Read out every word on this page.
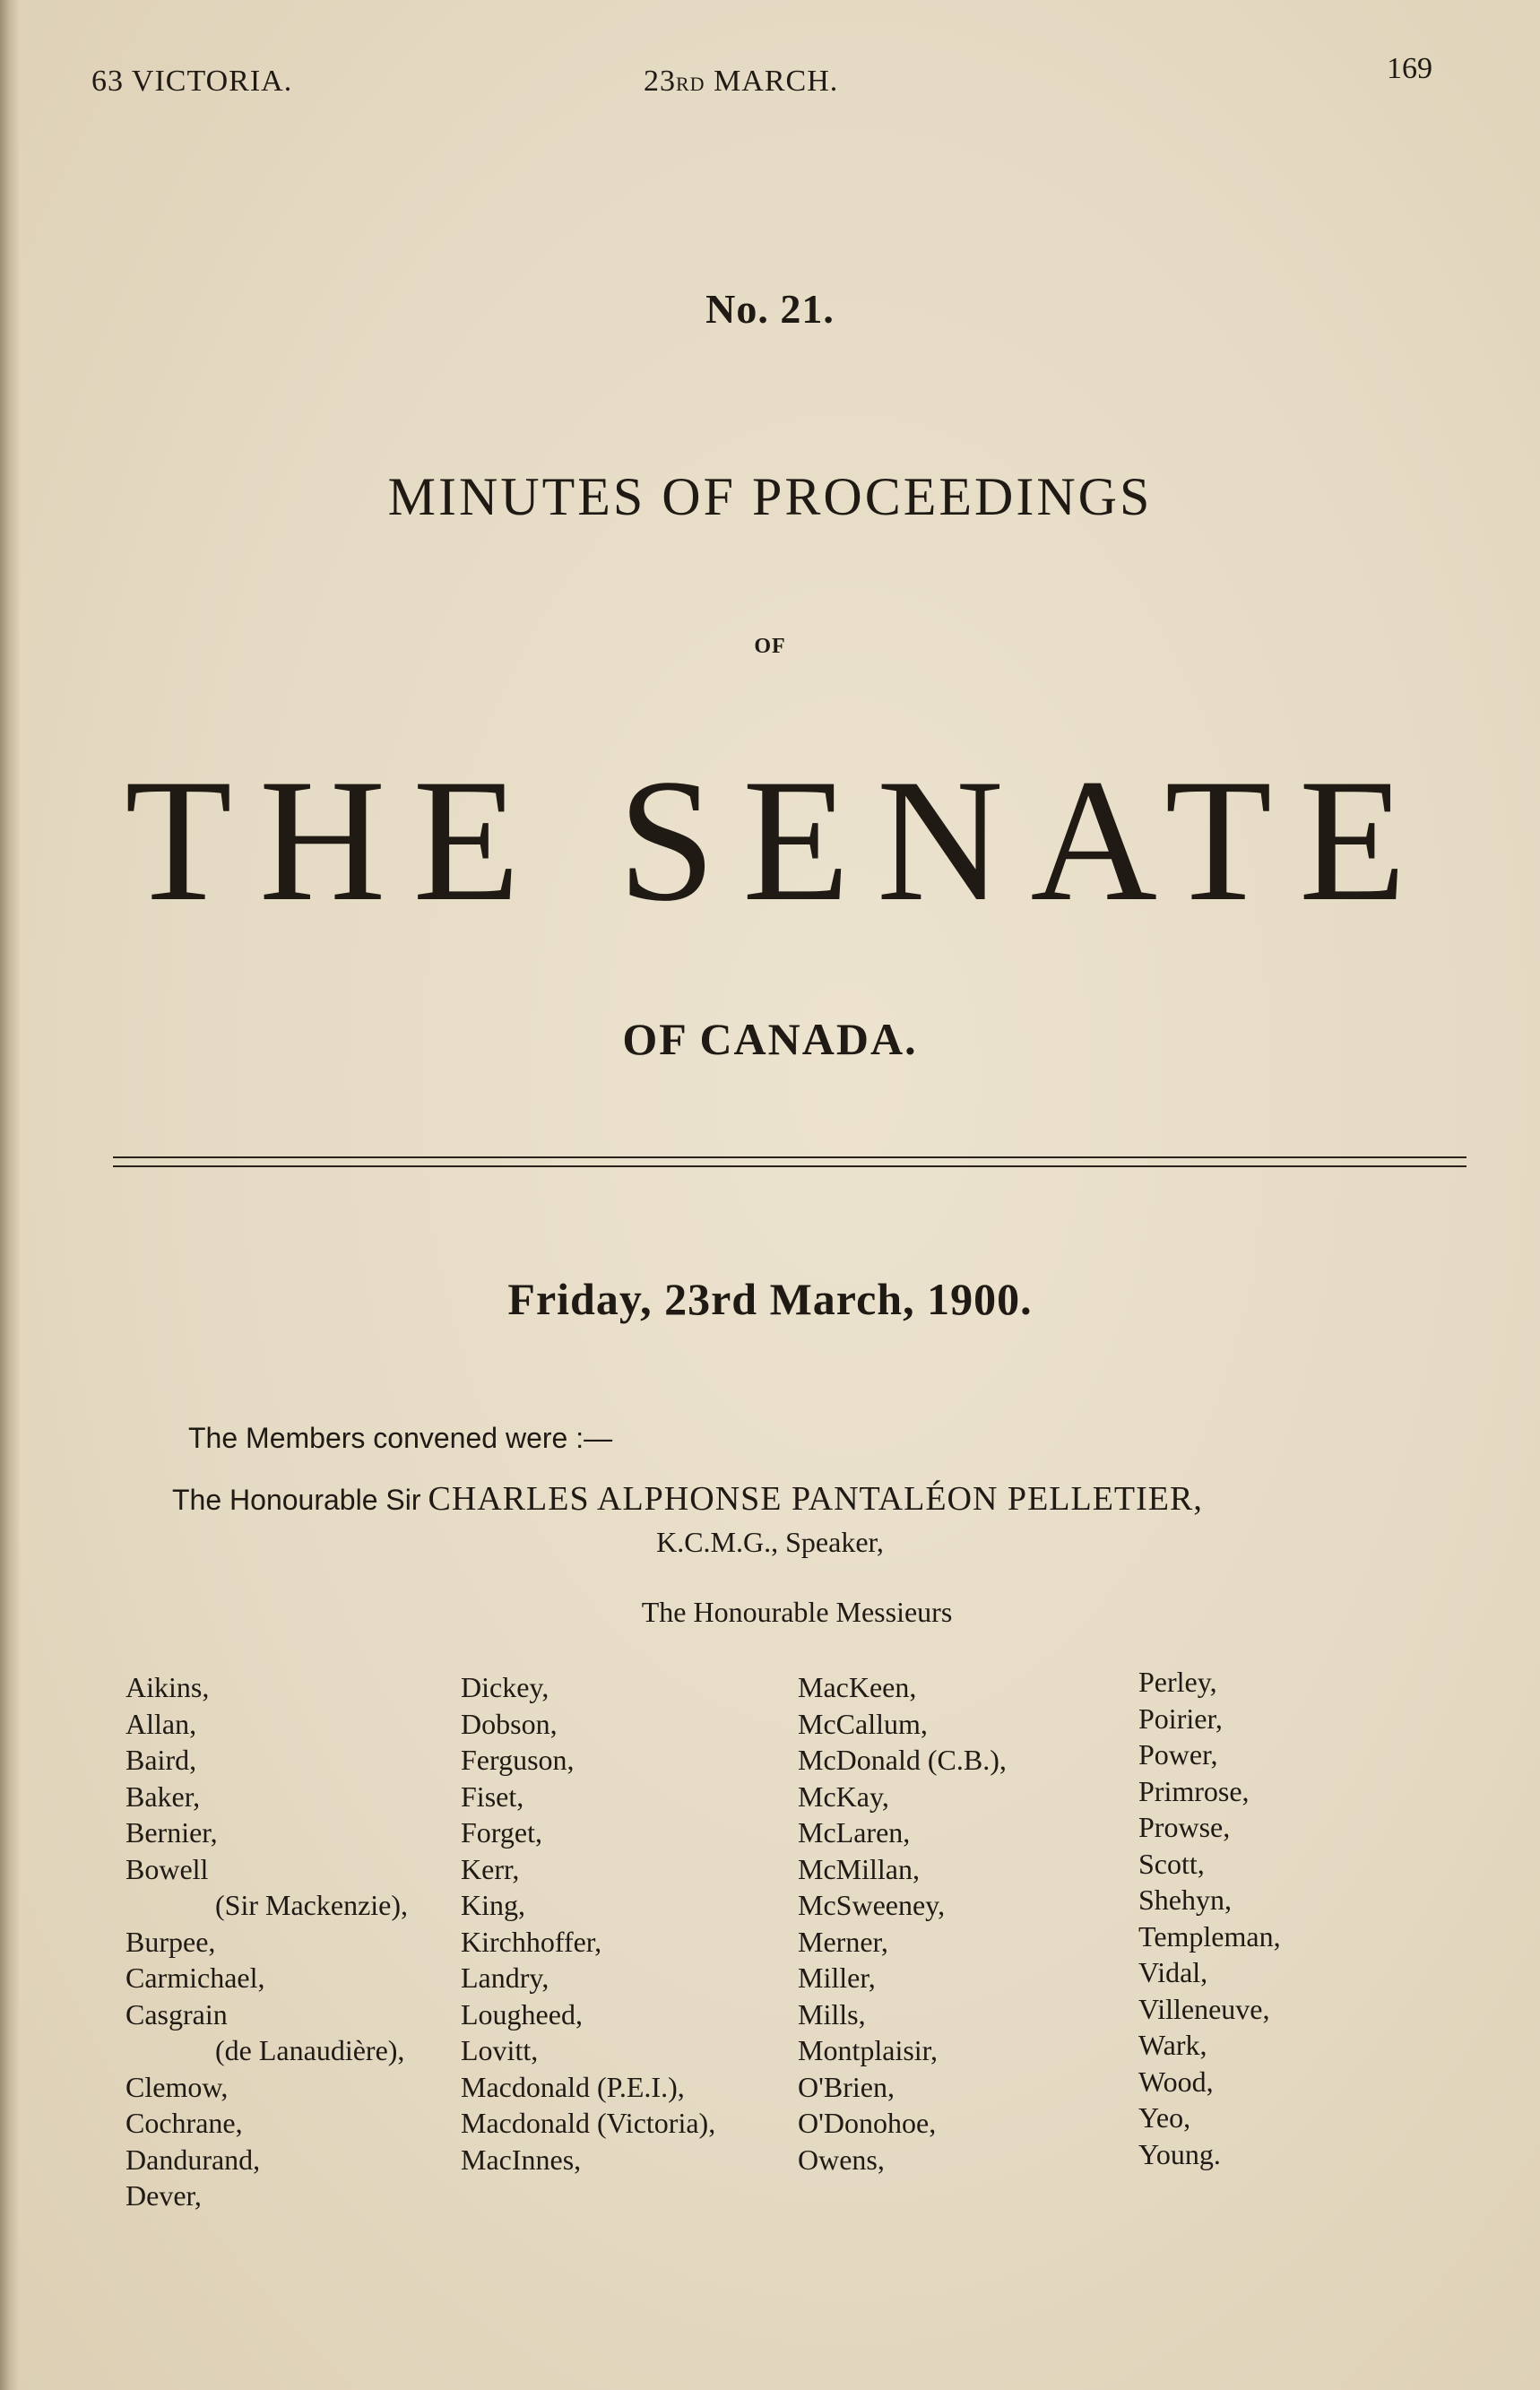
63 VICTORIA.	23RD MARCH.	169
No. 21.
MINUTES OF PROCEEDINGS
OF
THE SENATE
OF CANADA.
Friday, 23rd March, 1900.
The Members convened were :—
The Honourable Sir CHARLES ALPHONSE PANTALÉON PELLETIER,
K.C.M.G., Speaker,
The Honourable Messieurs
Aikins,
Allan,
Baird,
Baker,
Bernier,
Bowell
(Sir Mackenzie),
Burpee,
Carmichael,
Casgrain
(de Lanaudière),
Clemow,
Cochrane,
Dandurand,
Dever,
Dickey,
Dobson,
Ferguson,
Fiset,
Forget,
Kerr,
King,
Kirchhoffer,
Landry,
Lougheed,
Lovitt,
Macdonald (P.E.I.),
Macdonald (Victoria),
MacInnes,
MacKeen,
McCallum,
McDonald (C.B.),
McKay,
McLaren,
McMillan,
McSweeney,
Merner,
Miller,
Mills,
Montplaisir,
O'Brien,
O'Donohoe,
Owens,
Perley,
Poirier,
Power,
Primrose,
Prowse,
Scott,
Shehyn,
Templeman,
Vidal,
Villeneuve,
Wark,
Wood,
Yeo,
Young.
